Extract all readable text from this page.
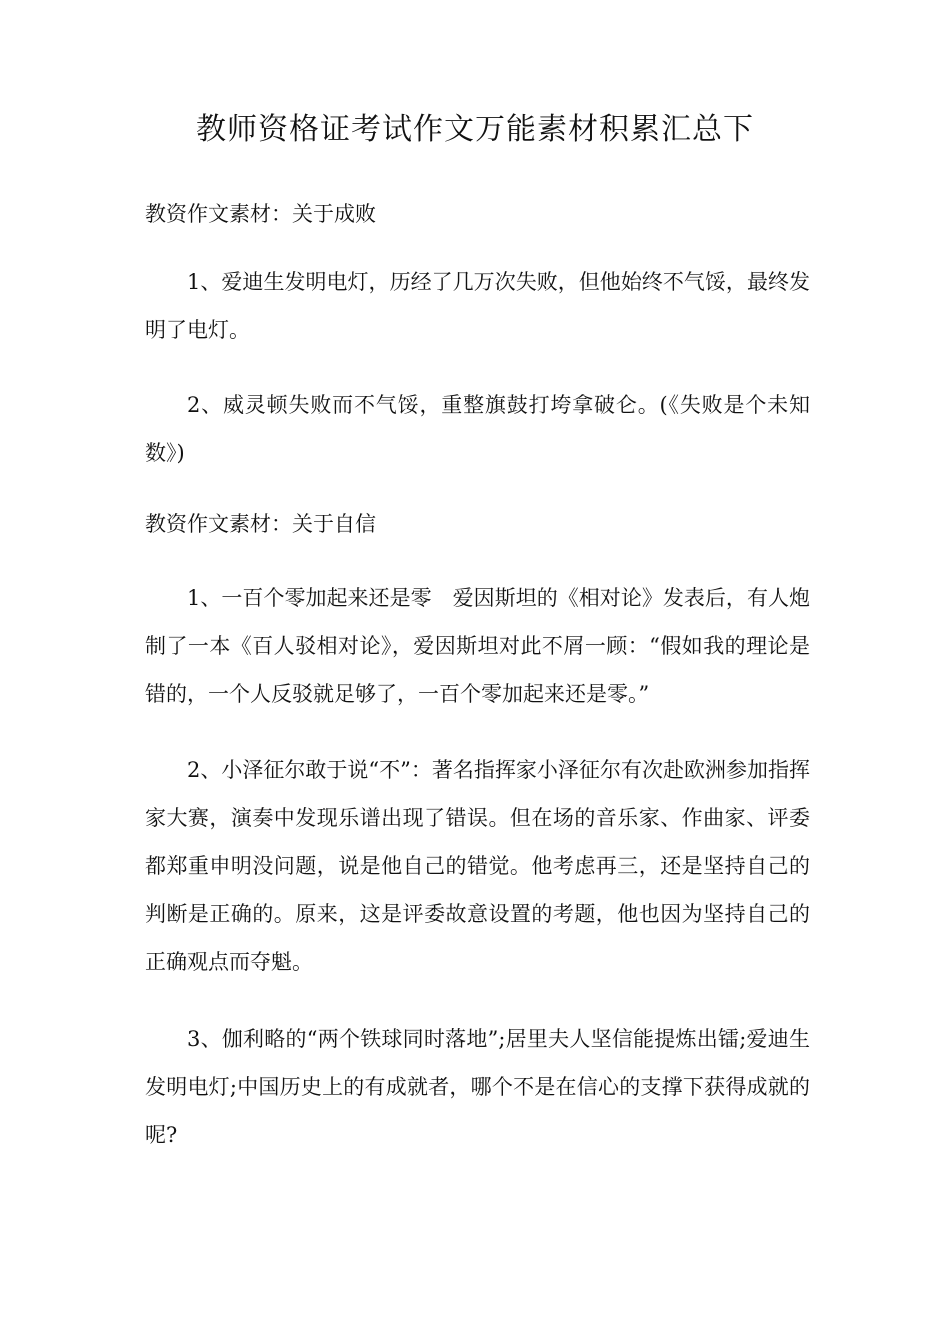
教师资格证考试作文万能素材积累汇总下

教资作文素材：关于成败

1、爱迪生发明电灯，历经了几万次失败，但他始终不气馁，最终发明了电灯。

2、威灵顿失败而不气馁，重整旗鼓打垮拿破仑。(《失败是个未知数》)

教资作文素材：关于自信

1、一百个零加起来还是零　爱因斯坦的《相对论》发表后，有人炮制了一本《百人驳相对论》，爱因斯坦对此不屑一顾：“假如我的理论是错的，一个人反驳就足够了，一百个零加起来还是零。”

2、小泽征尔敢于说“不”：著名指挥家小泽征尔有次赴欧洲参加指挥家大赛，演奏中发现乐谱出现了错误。但在场的音乐家、作曲家、评委都郑重申明没问题，说是他自己的错觉。他考虑再三，还是坚持自己的判断是正确的。原来，这是评委故意设置的考题，他也因为坚持自己的正确观点而夺魁。

3、伽利略的“两个铁球同时落地”;居里夫人坚信能提炼出镭;爱迪生发明电灯;中国历史上的有成就者，哪个不是在信心的支撑下获得成就的呢?
